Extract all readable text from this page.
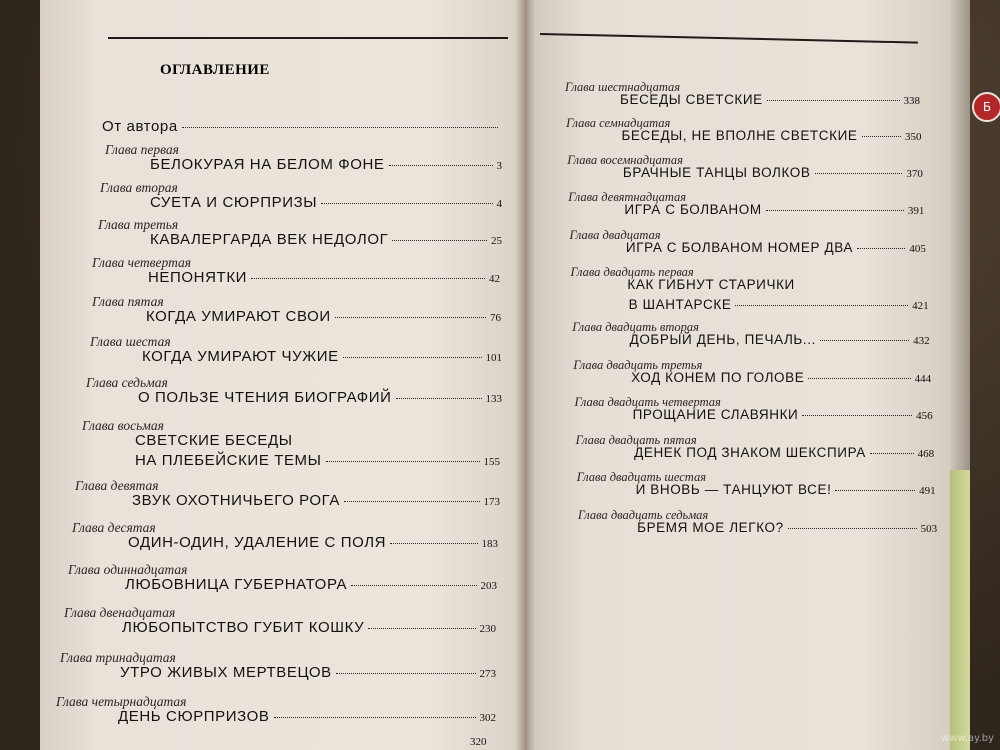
Б
ОГЛАВЛЕНИЕ
От автора
Глава первая
БЕЛОКУРАЯ НА БЕЛОМ ФОНЕ	3
Глава вторая
СУЕТА И СЮРПРИЗЫ	4
Глава третья
КАВАЛЕРГАРДА ВЕК НЕДОЛОГ	25
Глава четвертая
НЕПОНЯТКИ	42
Глава пятая
КОГДА УМИРАЮТ СВОИ	76
Глава шестая
КОГДА УМИРАЮТ ЧУЖИЕ	101
Глава седьмая
О ПОЛЬЗЕ ЧТЕНИЯ БИОГРАФИЙ	133
Глава восьмая
СВЕТСКИЕ БЕСЕДЫ
НА ПЛЕБЕЙСКИЕ ТЕМЫ	155
Глава девятая
ЗВУК ОХОТНИЧЬЕГО РОГА	173
Глава десятая
ОДИН-ОДИН, УДАЛЕНИЕ С ПОЛЯ	183
Глава одиннадцатая
ЛЮБОВНИЦА ГУБЕРНАТОРА	203
Глава двенадцатая
ЛЮБОПЫТСТВО ГУБИТ КОШКУ	230
Глава тринадцатая
УТРО ЖИВЫХ МЕРТВЕЦОВ	273
Глава четырнадцатая
ДЕНЬ СЮРПРИЗОВ	302
Глава шестнадцатая
БЕСЕДЫ СВЕТСКИЕ	338
Глава семнадцатая
БЕСЕДЫ, НЕ ВПОЛНЕ СВЕТСКИЕ	350
Глава восемнадцатая
БРАЧНЫЕ ТАНЦЫ ВОЛКОВ	370
Глава девятнадцатая
ИГРА С БОЛВАНОМ	391
Глава двадцатая
ИГРА С БОЛВАНОМ НОМЕР ДВА	405
Глава двадцать первая
КАК ГИБНУТ СТАРИЧКИ
В ШАНТАРСКЕ	421
Глава двадцать вторая
ДОБРЫЙ ДЕНЬ, ПЕЧАЛЬ...	432
Глава двадцать третья
ХОД КОНЕМ ПО ГОЛОВЕ	444
Глава двадцать четвертая
ПРОЩАНИЕ СЛАВЯНКИ	456
Глава двадцать пятая
ДЕНЕК ПОД ЗНАКОМ ШЕКСПИРА	468
Глава двадцать шестая
И ВНОВЬ — ТАНЦУЮТ ВСЕ!	491
Глава двадцать седьмая
БРЕМЯ МОЕ ЛЕГКО?	503
320	www.ay.by
